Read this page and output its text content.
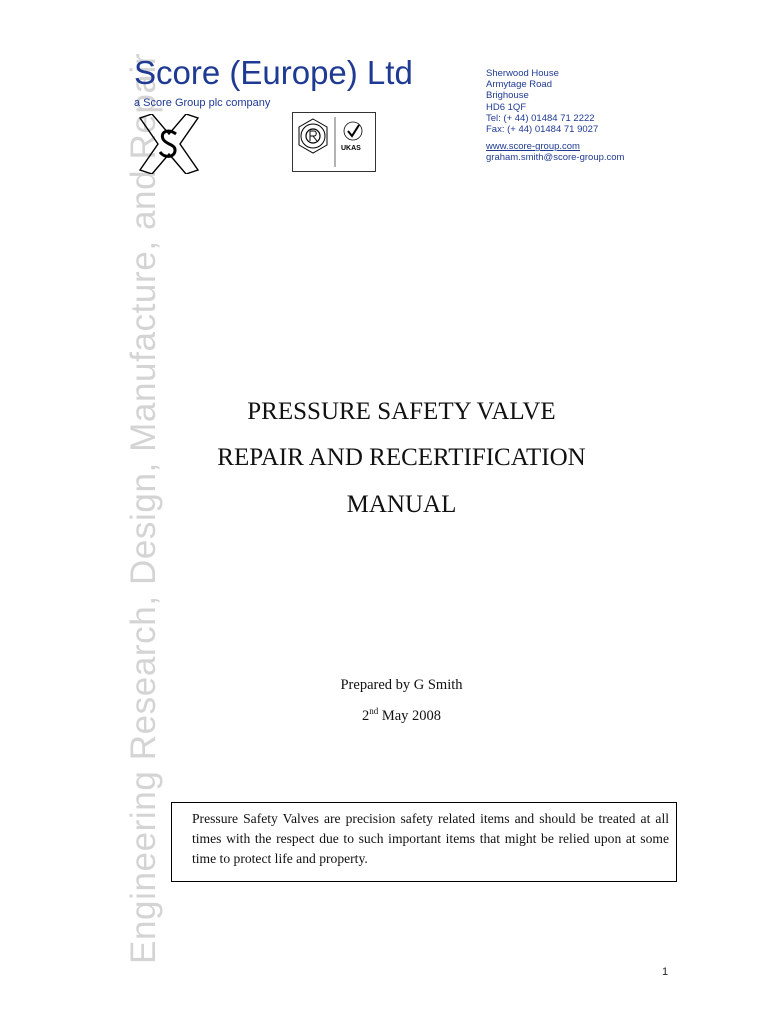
Engineering Research, Design, Manufacture, and Repair
Score (Europe) Ltd
a Score Group plc company
UKAS
Sherwood House
Armytage Road
Brighouse
HD6 1QF
Tel: (+ 44) 01484 71 2222
Fax: (+ 44) 01484 71 9027
www.score-group.com
graham.smith@score-group.com
PRESSURE SAFETY VALVE
REPAIR AND RECERTIFICATION
MANUAL
Prepared by G Smith
2nd May 2008
Pressure Safety Valves are precision safety related items and should be treated at all times with the respect due to such important items that might be relied upon at some time to protect life and property.
1
